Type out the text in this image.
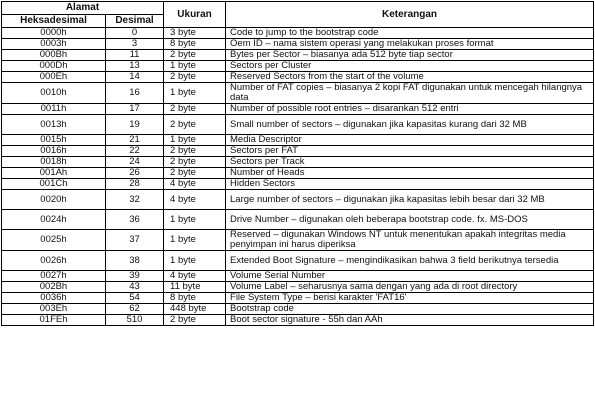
Alamat		Ukuran	Keterangan
Heksadesimal	Desimal		
0000h	0	3 byte	Code to jump to the bootstrap code
0003h	3	8 byte	Oem ID – nama sistem operasi yang melakukan proses format
000Bh	11	2 byte	Bytes per Sector – biasanya ada 512 byte tiap sector
000Dh	13	1 byte	Sectors per Cluster
000Eh	14	2 byte	Reserved Sectors from the start of the volume
0010h	16	1 byte	Number of FAT copies – biasanya 2 kopi FAT digunakan untuk mencegah hilangnya data
0011h	17	2 byte	Number of possible root entries – disarankan 512 entri
0013h	19	2 byte	Small number of sectors – digunakan jika kapasitas kurang dari 32 MB
0015h	21	1 byte	Media Descriptor
0016h	22	2 byte	Sectors per FAT
0018h	24	2 byte	Sectors per Track
001Ah	26	2 byte	Number of Heads
001Ch	28	4 byte	Hidden Sectors
0020h	32	4 byte	Large number of sectors – digunakan jika kapasitas lebih besar dari 32 MB
0024h	36	1 byte	Drive Number – digunakan oleh beberapa bootstrap code. fx. MS-DOS
0025h	37	1 byte	Reserved – digunakan Windows NT untuk menentukan apakah integritas media penyimpan ini harus diperiksa
0026h	38	1 byte	Extended Boot Signature – mengindikasikan bahwa 3 field berikutnya tersedia
0027h	39	4 byte	Volume Serial Number
002Bh	43	11 byte	Volume Label – seharusnya sama dengan yang ada di root directory
0036h	54	8 byte	File System Type – berisi karakter 'FAT16'
003Eh	62	448 byte	Bootstrap code
01FEh	510	2 byte	Boot sector signature - 55h dan AAh
